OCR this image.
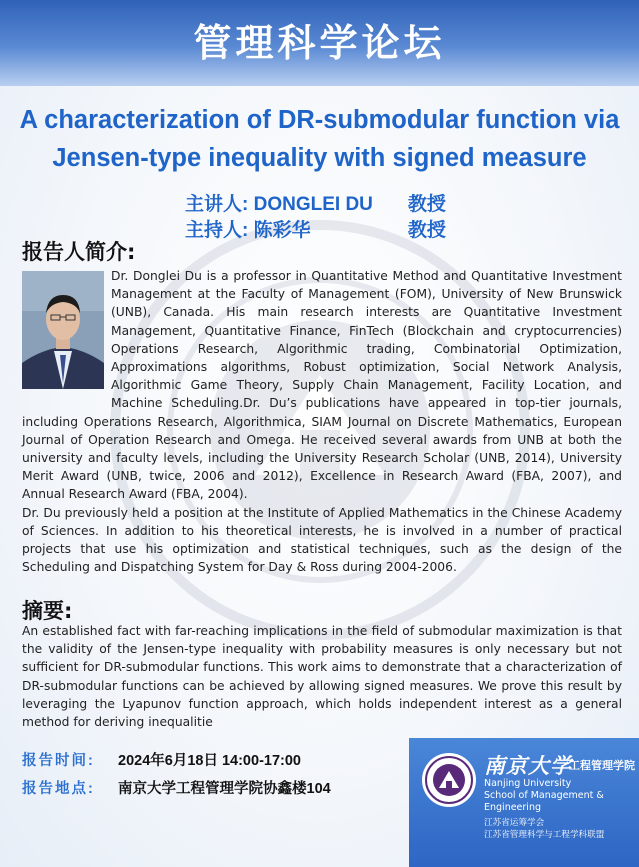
管理科学论坛
A characterization of DR-submodular function via
Jensen-type inequality with signed measure
主讲人: DONGLEI DU 教授
主持人: 陈彩华	教授
报告人简介:

Dr. Donglei Du is a professor in Quantitative Method and Quantitative Investment Management at the Faculty of Management (FOM), University of New Brunswick (UNB), Canada. His main research interests are Quantitative Investment Management, Quantitative Finance, FinTech (Blockchain and cryptocurrencies) Operations Research, Algorithmic trading, Combinatorial Optimization, Approximations algorithms, Robust optimization, Social Network Analysis, Algorithmic Game Theory, Supply Chain Management, Facility Location, and Machine Scheduling.Dr. Du’s publications have appeared in top-tier journals, including Operations Research, Algorithmica, SIAM Journal on Discrete Mathematics, European Journal of Operation Research and Omega. He received several awards from UNB at both the university and faculty levels, including the University Research Scholar (UNB, 2014), University Merit Award (UNB, twice, 2006 and 2012), Excellence in Research Award (FBA, 2007), and Annual Research Award (FBA, 2004).

Dr. Du previously held a position at the Institute of Applied Mathematics in the Chinese Academy of Sciences. In addition to his theoretical interests, he is involved in a number of practical projects that use his optimization and statistical techniques, such as the design of the Scheduling and Dispatching System for Day & Ross during 2004-2006.

摘要:

An established fact with far-reaching implications in the field of submodular maximization is that the validity of the Jensen-type inequality with probability measures is only necessary but not sufficient for DR-submodular functions. This work aims to demonstrate that a characterization of DR-submodular functions can be achieved by allowing signed measures. We prove this result by leveraging the Lyapunov function approach, which holds independent interest as a general method for deriving inequalitie

报告时间: 2024年6月18日 14:00-17:00
报告地点: 南京大学工程管理学院协鑫楼104
南京大学
工程管理学院
Nanjing University
School of Management & Engineering
江苏省运筹学会
江苏省管理科学与工程学科联盟
